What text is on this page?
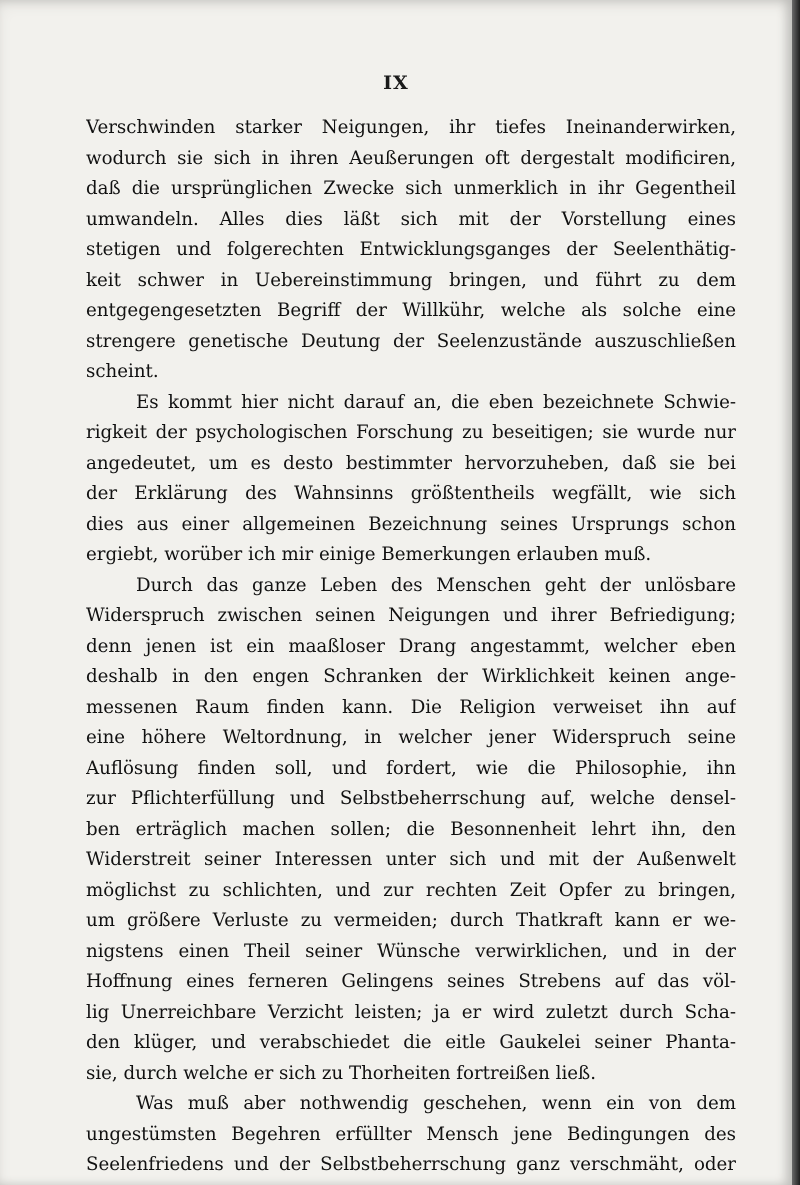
IX
Verschwinden starker Neigungen, ihr tiefes Ineinanderwirken,
wodurch sie sich in ihren Aeußerungen oft dergestalt modificiren,
daß die ursprünglichen Zwecke sich unmerklich in ihr Gegentheil
umwandeln. Alles dies läßt sich mit der Vorstellung eines
stetigen und folgerechten Entwicklungsganges der Seelenthätig-
keit schwer in Uebereinstimmung bringen, und führt zu dem
entgegengesetzten Begriff der Willkühr, welche als solche eine
strengere genetische Deutung der Seelenzustände auszuschließen
scheint.
Es kommt hier nicht darauf an, die eben bezeichnete Schwie-
rigkeit der psychologischen Forschung zu beseitigen; sie wurde nur
angedeutet, um es desto bestimmter hervorzuheben, daß sie bei
der Erklärung des Wahnsinns größtentheils wegfällt, wie sich
dies aus einer allgemeinen Bezeichnung seines Ursprungs schon
ergiebt, worüber ich mir einige Bemerkungen erlauben muß.
Durch das ganze Leben des Menschen geht der unlösbare
Widerspruch zwischen seinen Neigungen und ihrer Befriedigung;
denn jenen ist ein maaßloser Drang angestammt, welcher eben
deshalb in den engen Schranken der Wirklichkeit keinen ange-
messenen Raum finden kann. Die Religion verweiset ihn auf
eine höhere Weltordnung, in welcher jener Widerspruch seine
Auflösung finden soll, und fordert, wie die Philosophie, ihn
zur Pflichterfüllung und Selbstbeherrschung auf, welche densel-
ben erträglich machen sollen; die Besonnenheit lehrt ihn, den
Widerstreit seiner Interessen unter sich und mit der Außenwelt
möglichst zu schlichten, und zur rechten Zeit Opfer zu bringen,
um größere Verluste zu vermeiden; durch Thatkraft kann er we-
nigstens einen Theil seiner Wünsche verwirklichen, und in der
Hoffnung eines ferneren Gelingens seines Strebens auf das völ-
lig Unerreichbare Verzicht leisten; ja er wird zuletzt durch Scha-
den klüger, und verabschiedet die eitle Gaukelei seiner Phanta-
sie, durch welche er sich zu Thorheiten fortreißen ließ.
Was muß aber nothwendig geschehen, wenn ein von dem
ungestümsten Begehren erfüllter Mensch jene Bedingungen des
Seelenfriedens und der Selbstbeherrschung ganz verschmäht, oder
